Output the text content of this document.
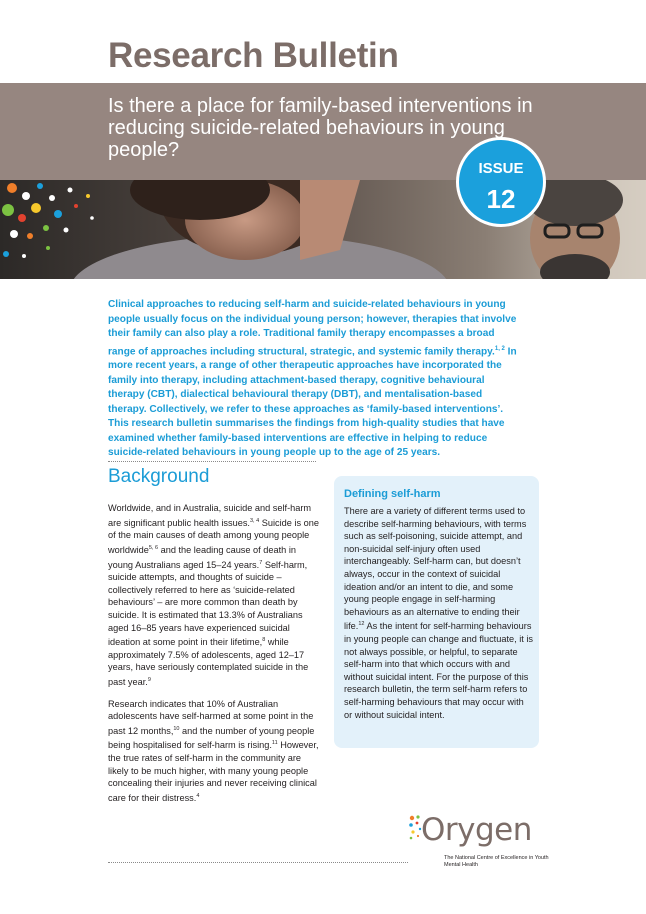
Research Bulletin
Is there a place for family-based interventions in reducing suicide-related behaviours in young people?
ISSUE
12

Clinical approaches to reducing self-harm and suicide-related behaviours in young people usually focus on the individual young person; however, therapies that involve their family can also play a role. Traditional family therapy encompasses a broad range of approaches including structural, strategic, and systemic family therapy.$^{1, 2}$ In more recent years, a range of other therapeutic approaches have incorporated the family into therapy, including attachment-based therapy, cognitive behavioural therapy (CBT), dialectical behavioural therapy (DBT), and mentalisation-based therapy. Collectively, we refer to these approaches as ‘family-based interventions’. This research bulletin summarises the findings from high-quality studies that have examined whether family-based interventions are effective in helping to reduce suicide-related behaviours in young people up to the age of 25 years.

Background

Worldwide, and in Australia, suicide and self-harm are significant public health issues.$^{3, 4}$ Suicide is one of the main causes of death among young people worldwide$^{5, 6}$ and the leading cause of death in young Australians aged 15–24 years.$^7$ Self-harm, suicide attempts, and thoughts of suicide – collectively referred to here as ‘suicide-related behaviours’ – are more common than death by suicide. It is estimated that 13.3% of Australians aged 16–85 years have experienced suicidal ideation at some point in their lifetime,$^8$ while approximately 7.5% of adolescents, aged 12–17 years, have seriously contemplated suicide in the past year.$^9$

Research indicates that 10% of Australian adolescents have self-harmed at some point in the past 12 months,$^{10}$ and the number of young people being hospitalised for self-harm is rising.$^{11}$ However, the true rates of self-harm in the community are likely to be much higher, with many young people concealing their injuries and never receiving clinical care for their distress.$^4$

Defining self-harm

There are a variety of different terms used to describe self-harming behaviours, with terms such as self-poisoning, suicide attempt, and non-suicidal self-injury often used interchangeably. Self-harm can, but doesn’t always, occur in the context of suicidal ideation and/or an intent to die, and some young people engage in self-harming behaviours as an alternative to ending their life.$^{12}$ As the intent for self-harming behaviours in young people can change and fluctuate, it is not always possible, or helpful, to separate self-harm into that which occurs with and without suicidal intent. For the purpose of this research bulletin, the term self-harm refers to self-harming behaviours that may occur with or without suicidal intent.

Orygen
The National Centre of Excellence in Youth Mental Health
